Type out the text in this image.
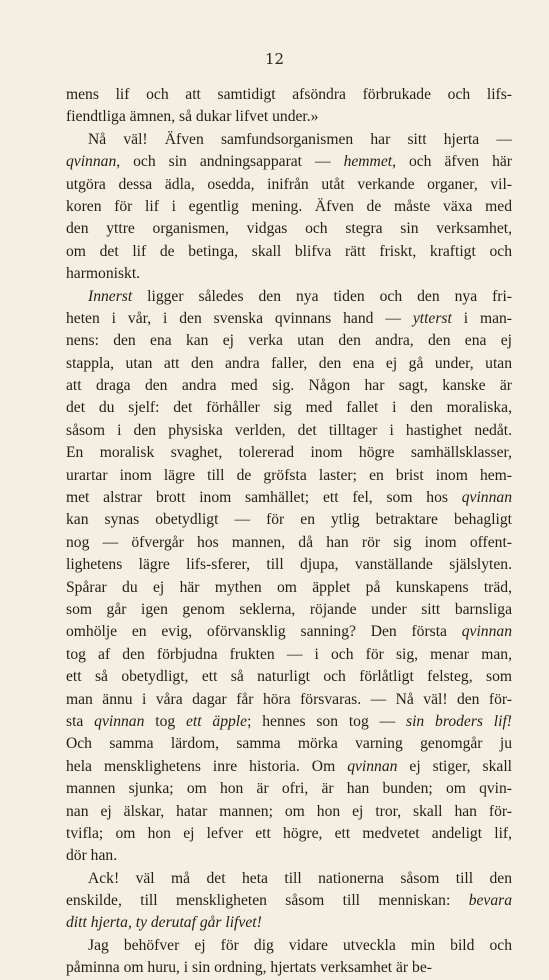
12
mens lif och att samtidigt afsöndra förbrukade och lifs-
fiendtliga ämnen, så dukar lifvet under.»
Nå väl! Äfven samfundsorganismen har sitt hjerta —
qvinnan, och sin andningsapparat — hemmet, och äfven här
utgöra dessa ädla, osedda, inifrån utåt verkande organer, vil-
koren för lif i egentlig mening. Äfven de måste växa med
den yttre organismen, vidgas och stegra sin verksamhet,
om det lif de betinga, skall blifva rätt friskt, kraftigt och
harmoniskt.
Innerst ligger således den nya tiden och den nya fri-
heten i vår, i den svenska qvinnans hand — ytterst i man-
nens: den ena kan ej verka utan den andra, den ena ej
stappla, utan att den andra faller, den ena ej gå under, utan
att draga den andra med sig. Någon har sagt, kanske är
det du sjelf: det förhåller sig med fallet i den moraliska,
såsom i den physiska verlden, det tilltager i hastighet nedåt.
En moralisk svaghet, tolererad inom högre samhällsklasser,
urartar inom lägre till de gröfsta laster; en brist inom hem-
met alstrar brott inom samhället; ett fel, som hos qvinnan
kan synas obetydligt — för en ytlig betraktare behagligt
nog — öfvergår hos mannen, då han rör sig inom offent-
lighetens lägre lifs-sferer, till djupa, vanställande själslyten.
Spårar du ej här mythen om äpplet på kunskapens träd,
som går igen genom seklerna, röjande under sitt barnsliga
omhölje en evig, oförvansklig sanning? Den första qvinnan
tog af den förbjudna frukten — i och för sig, menar man,
ett så obetydligt, ett så naturligt och förlåtligt felsteg, som
man ännu i våra dagar får höra försvaras. — Nå väl! den för-
sta qvinnan tog ett äpple; hennes son tog — sin broders lif!
Och samma lärdom, samma mörka varning genomgår ju
hela mensklighetens inre historia. Om qvinnan ej stiger, skall
mannen sjunka; om hon är ofri, är han bunden; om qvin-
nan ej älskar, hatar mannen; om hon ej tror, skall han för-
tvifla; om hon ej lefver ett högre, ett medvetet andeligt lif,
dör han.
Ack! väl må det heta till nationerna såsom till den
enskilde, till menskligheten såsom till menniskan: bevara
ditt hjerta, ty derutaf går lifvet!
Jag behöfver ej för dig vidare utveckla min bild och
påminna om huru, i sin ordning, hjertats verksamhet är be-
